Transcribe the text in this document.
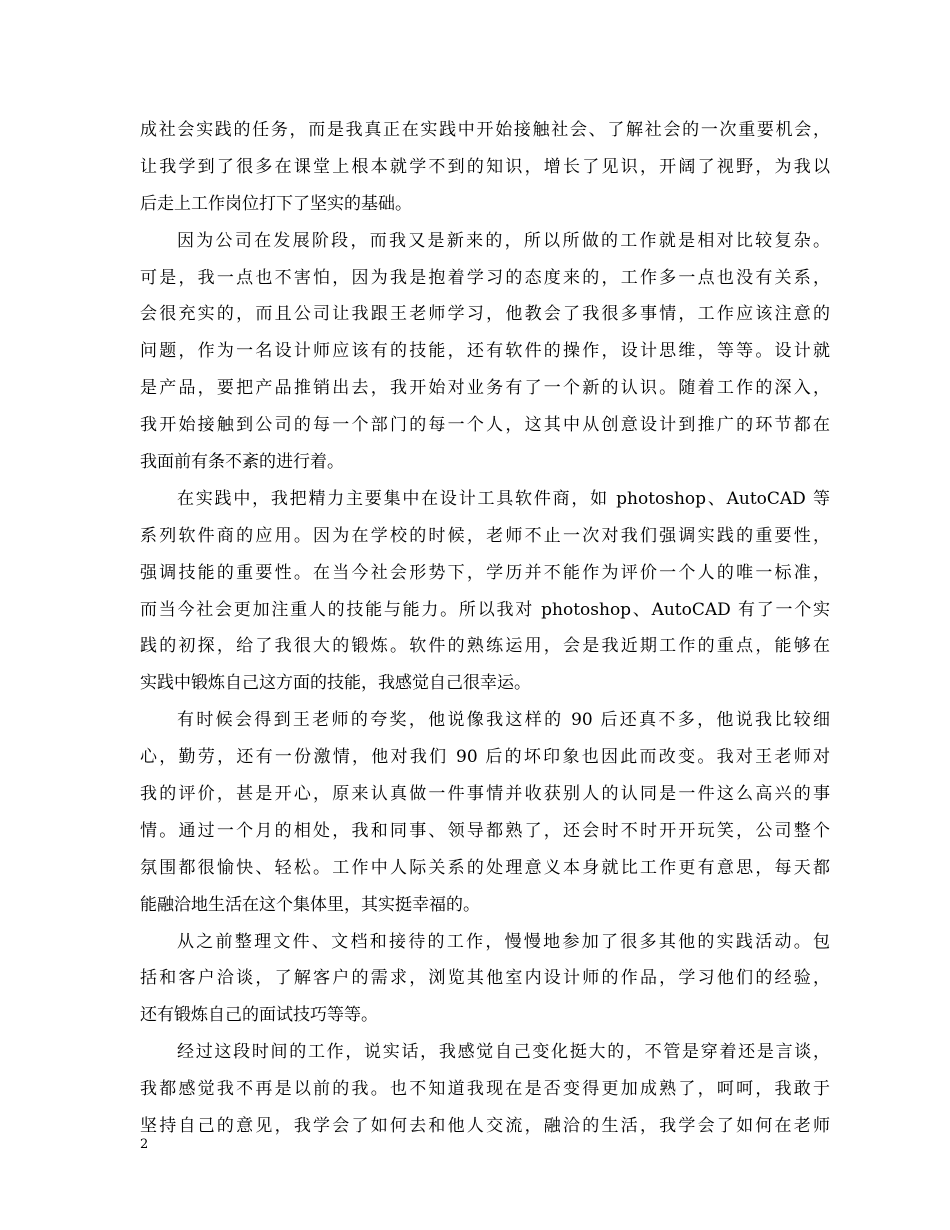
成社会实践的任务，而是我真正在实践中开始接触社会、了解社会的一次重要机会，
让我学到了很多在课堂上根本就学不到的知识，增长了见识，开阔了视野，为我以
后走上工作岗位打下了坚实的基础。
因为公司在发展阶段，而我又是新来的，所以所做的工作就是相对比较复杂。
可是，我一点也不害怕，因为我是抱着学习的态度来的，工作多一点也没有关系，
会很充实的，而且公司让我跟王老师学习，他教会了我很多事情，工作应该注意的
问题，作为一名设计师应该有的技能，还有软件的操作，设计思维，等等。设计就
是产品，要把产品推销出去，我开始对业务有了一个新的认识。随着工作的深入，
我开始接触到公司的每一个部门的每一个人，这其中从创意设计到推广的环节都在
我面前有条不紊的进行着。
在实践中，我把精力主要集中在设计工具软件商，如 photoshop、AutoCAD 等
系列软件商的应用。因为在学校的时候，老师不止一次对我们强调实践的重要性，
强调技能的重要性。在当今社会形势下，学历并不能作为评价一个人的唯一标准，
而当今社会更加注重人的技能与能力。所以我对 photoshop、AutoCAD 有了一个实
践的初探，给了我很大的锻炼。软件的熟练运用，会是我近期工作的重点，能够在
实践中锻炼自己这方面的技能，我感觉自己很幸运。
有时候会得到王老师的夸奖，他说像我这样的 90 后还真不多，他说我比较细
心，勤劳，还有一份激情，他对我们 90 后的坏印象也因此而改变。我对王老师对
我的评价，甚是开心，原来认真做一件事情并收获别人的认同是一件这么高兴的事
情。通过一个月的相处，我和同事、领导都熟了，还会时不时开开玩笑，公司整个
氛围都很愉快、轻松。工作中人际关系的处理意义本身就比工作更有意思，每天都
能融洽地生活在这个集体里，其实挺幸福的。
从之前整理文件、文档和接待的工作，慢慢地参加了很多其他的实践活动。包
括和客户洽谈，了解客户的需求，浏览其他室内设计师的作品，学习他们的经验，
还有锻炼自己的面试技巧等等。
经过这段时间的工作，说实话，我感觉自己变化挺大的，不管是穿着还是言谈，
我都感觉我不再是以前的我。也不知道我现在是否变得更加成熟了，呵呵，我敢于
坚持自己的意见，我学会了如何去和他人交流，融洽的生活，我学会了如何在老师
2
